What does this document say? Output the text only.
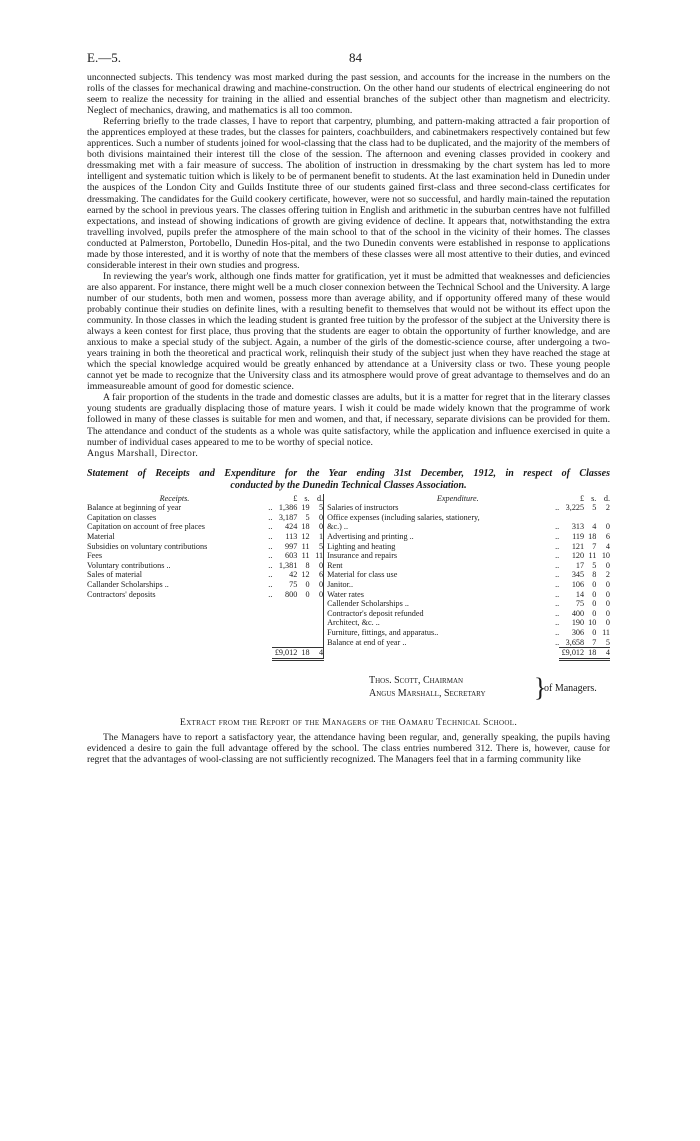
E.—5.	84

unconnected subjects. This tendency was most marked during the past session, and accounts for the increase in the numbers on the rolls of the classes for mechanical drawing and machine-construction. On the other hand our students of electrical engineering do not seem to realize the necessity for training in the allied and essential branches of the subject other than magnetism and electricity. Neglect of mechanics, drawing, and mathematics is all too common.

Referring briefly to the trade classes, I have to report that carpentry, plumbing, and pattern-making attracted a fair proportion of the apprentices employed at these trades, but the classes for painters, coachbuilders, and cabinetmakers respectively contained but few apprentices. Such a number of students joined for wool-classing that the class had to be duplicated, and the majority of the members of both divisions maintained their interest till the close of the session. The afternoon and evening classes provided in cookery and dressmaking met with a fair measure of success. The abolition of instruction in dressmaking by the chart system has led to more intelligent and systematic tuition which is likely to be of permanent benefit to students. At the last examination held in Dunedin under the auspices of the London City and Guilds Institute three of our students gained first-class and three second-class certificates for dressmaking. The candidates for the Guild cookery certificate, however, were not so successful, and hardly main-tained the reputation earned by the school in previous years. The classes offering tuition in English and arithmetic in the suburban centres have not fulfilled expectations, and instead of showing indications of growth are giving evidence of decline. It appears that, notwithstanding the extra travelling involved, pupils prefer the atmosphere of the main school to that of the school in the vicinity of their homes. The classes conducted at Palmerston, Portobello, Dunedin Hos-pital, and the two Dunedin convents were established in response to applications made by those interested, and it is worthy of note that the members of these classes were all most attentive to their duties, and evinced considerable interest in their own studies and progress.

In reviewing the year's work, although one finds matter for gratification, yet it must be admitted that weaknesses and deficiencies are also apparent. For instance, there might well be a much closer connexion between the Technical School and the University. A large number of our students, both men and women, possess more than average ability, and if opportunity offered many of these would probably continue their studies on definite lines, with a resulting benefit to themselves that would not be without its effect upon the community. In those classes in which the leading student is granted free tuition by the professor of the subject at the University there is always a keen contest for first place, thus proving that the students are eager to obtain the opportunity of further knowledge, and are anxious to make a special study of the subject. Again, a number of the girls of the domestic-science course, after undergoing a two-years training in both the theoretical and practical work, relinquish their study of the subject just when they have reached the stage at which the special knowledge acquired would be greatly enhanced by attendance at a University class or two. These young people cannot yet be made to recognize that the University class and its atmosphere would prove of great advantage to themselves and do an immeasureable amount of good for domestic science.

A fair proportion of the students in the trade and domestic classes are adults, but it is a matter for regret that in the literary classes young students are gradually displacing those of mature years. I wish it could be made widely known that the programme of work followed in many of these classes is suitable for men and women, and that, if necessary, separate divisions can be provided for them. The attendance and conduct of the students as a whole was quite satisfactory, while the application and influence exercised in quite a number of individual cases appeared to me to be worthy of special notice.

Angus Marshall, Director.

Statement of Receipts and Expenditure for the Year ending 31st December, 1912, in respect of Classes
conducted by the Dunedin Technical Classes Association.
Receipts.		£	s.	d.	Expenditure.		£	s.	d.
Balance at beginning of year	..	1,386	19	5	Salaries of instructors	..	3,225	5	2
Capitation on classes	..	3,187	5	0	Office expenses (including salaries, stationery,				
Capitation on account of free places	..	424	18	0	&c.) ..	..	313	4	0
Material	..	113	12	1	Advertising and printing ..	..	119	18	6
Subsidies on voluntary contributions	..	997	11	5	Lighting and heating	..	121	7	4
Fees	..	603	11	11	Insurance and repairs	..	120	11	10
Voluntary contributions ..	..	1,381	8	0	Rent	..	17	5	0
Sales of material	..	42	12	6	Material for class use	..	345	8	2
Callander Scholarships ..	..	75	0	0	Janitor..	..	106	0	0
Contractors' deposits	..	800	0	0	Water rates	..	14	0	0
					Callender Scholarships ..	..	75	0	0
					Contractor's deposit refunded	..	400	0	0
					Architect, &c. ..	..	190	10	0
					Furniture, fittings, and apparatus..	..	306	0	11
					Balance at end of year ..	..	3,658	7	5
		£9,012	18	4			£9,012	18	4
Thos. Scott, Chairman
Angus Marshall, Secretary }
of Managers.
Extract from the Report of the Managers of the Oamaru Technical School.

The Managers have to report a satisfactory year, the attendance having been regular, and, generally speaking, the pupils having evidenced a desire to gain the full advantage offered by the school. The class entries numbered 312. There is, however, cause for regret that the advantages of wool-classing are not sufficiently recognized. The Managers feel that in a farming community like
